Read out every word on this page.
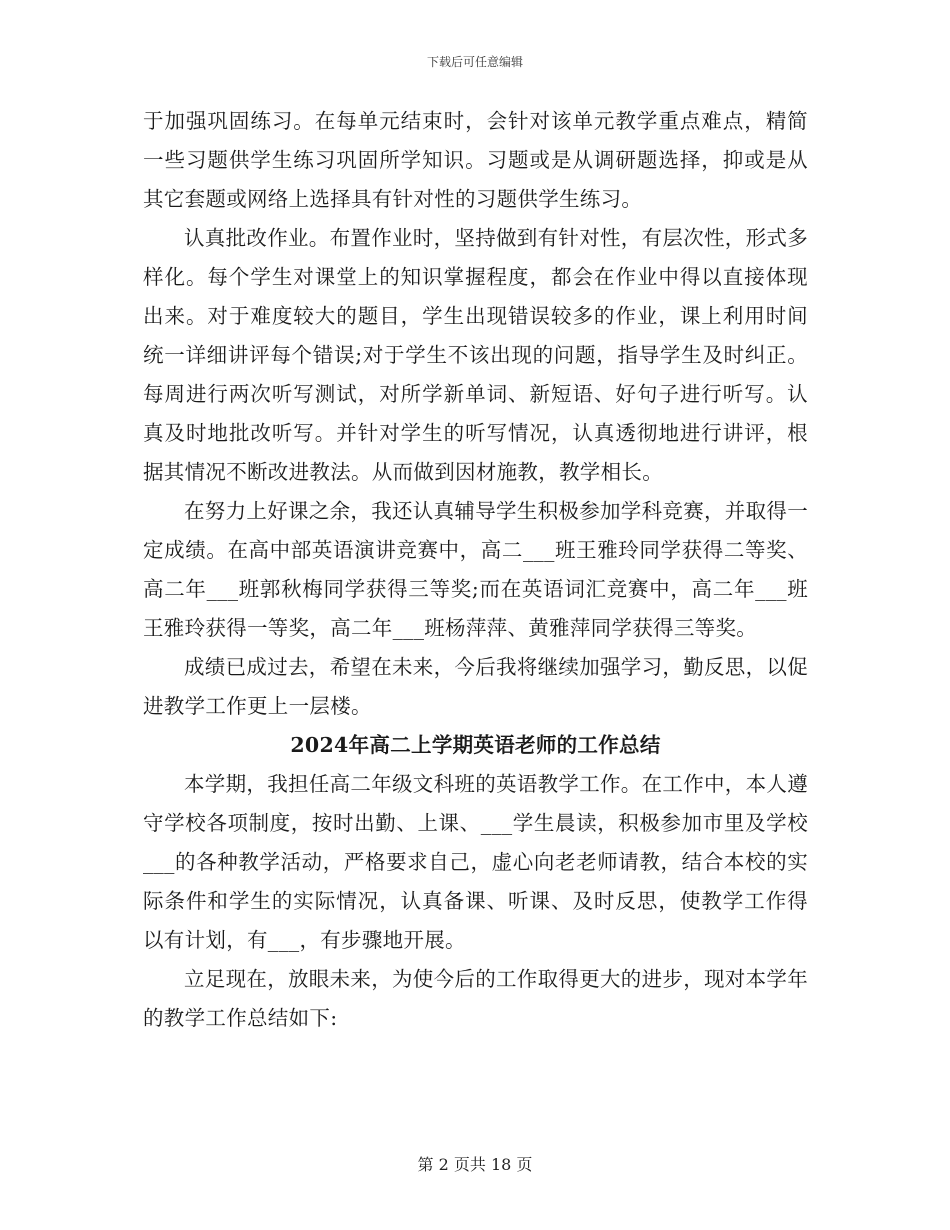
下载后可任意编辑

于加强巩固练习。在每单元结束时，会针对该单元教学重点难点，精简一些习题供学生练习巩固所学知识。习题或是从调研题选择，抑或是从其它套题或网络上选择具有针对性的习题供学生练习。

认真批改作业。布置作业时，坚持做到有针对性，有层次性，形式多样化。每个学生对课堂上的知识掌握程度，都会在作业中得以直接体现出来。对于难度较大的题目，学生出现错误较多的作业，课上利用时间统一详细讲评每个错误;对于学生不该出现的问题，指导学生及时纠正。每周进行两次听写测试，对所学新单词、新短语、好句子进行听写。认真及时地批改听写。并针对学生的听写情况，认真透彻地进行讲评，根据其情况不断改进教法。从而做到因材施教，教学相长。

在努力上好课之余，我还认真辅导学生积极参加学科竞赛，并取得一定成绩。在高中部英语演讲竞赛中，高二___班王雅玲同学获得二等奖、高二年___班郭秋梅同学获得三等奖;而在英语词汇竞赛中，高二年___班王雅玲获得一等奖，高二年___班杨萍萍、黄雅萍同学获得三等奖。

成绩已成过去，希望在未来，今后我将继续加强学习，勤反思，以促进教学工作更上一层楼。

2024年高二上学期英语老师的工作总结

本学期，我担任高二年级文科班的英语教学工作。在工作中，本人遵守学校各项制度，按时出勤、上课、___学生晨读，积极参加市里及学校___的各种教学活动，严格要求自己，虚心向老老师请教，结合本校的实际条件和学生的实际情况，认真备课、听课、及时反思，使教学工作得以有计划，有___，有步骤地开展。

立足现在，放眼未来，为使今后的工作取得更大的进步，现对本学年的教学工作总结如下:

第 2 页共 18 页
